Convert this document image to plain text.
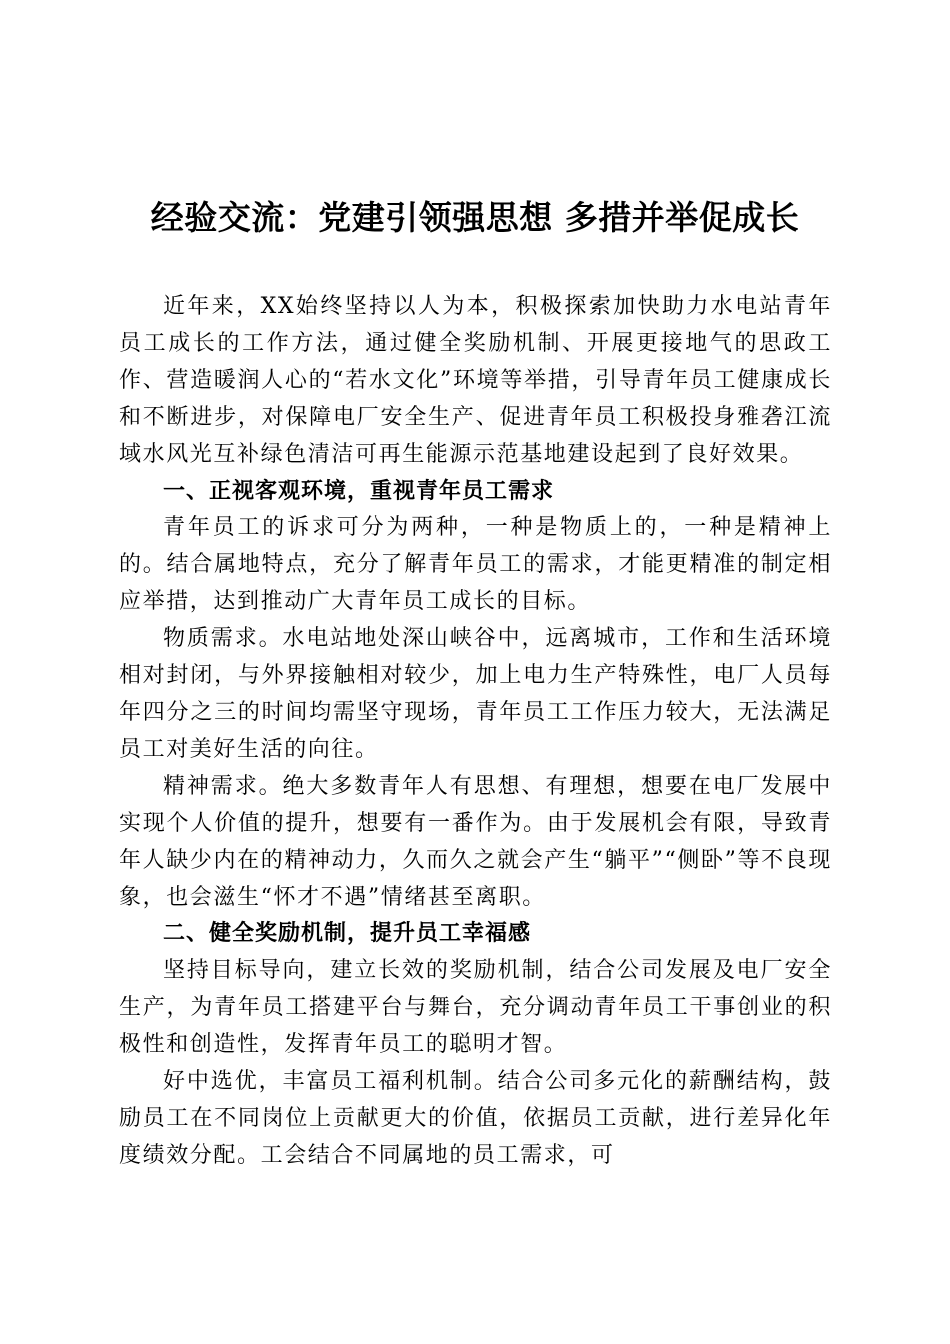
经验交流：党建引领强思想 多措并举促成长

近年来，XX始终坚持以人为本，积极探索加快助力水电站青年员工成长的工作方法，通过健全奖励机制、开展更接地气的思政工作、营造暖润人心的“若水文化”环境等举措，引导青年员工健康成长和不断进步，对保障电厂安全生产、促进青年员工积极投身雅砻江流域水风光互补绿色清洁可再生能源示范基地建设起到了良好效果。

一、正视客观环境，重视青年员工需求

青年员工的诉求可分为两种，一种是物质上的，一种是精神上的。结合属地特点，充分了解青年员工的需求，才能更精准的制定相应举措，达到推动广大青年员工成长的目标。

物质需求。水电站地处深山峡谷中，远离城市，工作和生活环境相对封闭，与外界接触相对较少，加上电力生产特殊性，电厂人员每年四分之三的时间均需坚守现场，青年员工工作压力较大，无法满足员工对美好生活的向往。

精神需求。绝大多数青年人有思想、有理想，想要在电厂发展中实现个人价值的提升，想要有一番作为。由于发展机会有限，导致青年人缺少内在的精神动力，久而久之就会产生“躺平”“侧卧”等不良现象，也会滋生“怀才不遇”情绪甚至离职。

二、健全奖励机制，提升员工幸福感

坚持目标导向，建立长效的奖励机制，结合公司发展及电厂安全生产，为青年员工搭建平台与舞台，充分调动青年员工干事创业的积极性和创造性，发挥青年员工的聪明才智。

好中选优，丰富员工福利机制。结合公司多元化的薪酬结构，鼓励员工在不同岗位上贡献更大的价值，依据员工贡献，进行差异化年度绩效分配。工会结合不同属地的员工需求，可
